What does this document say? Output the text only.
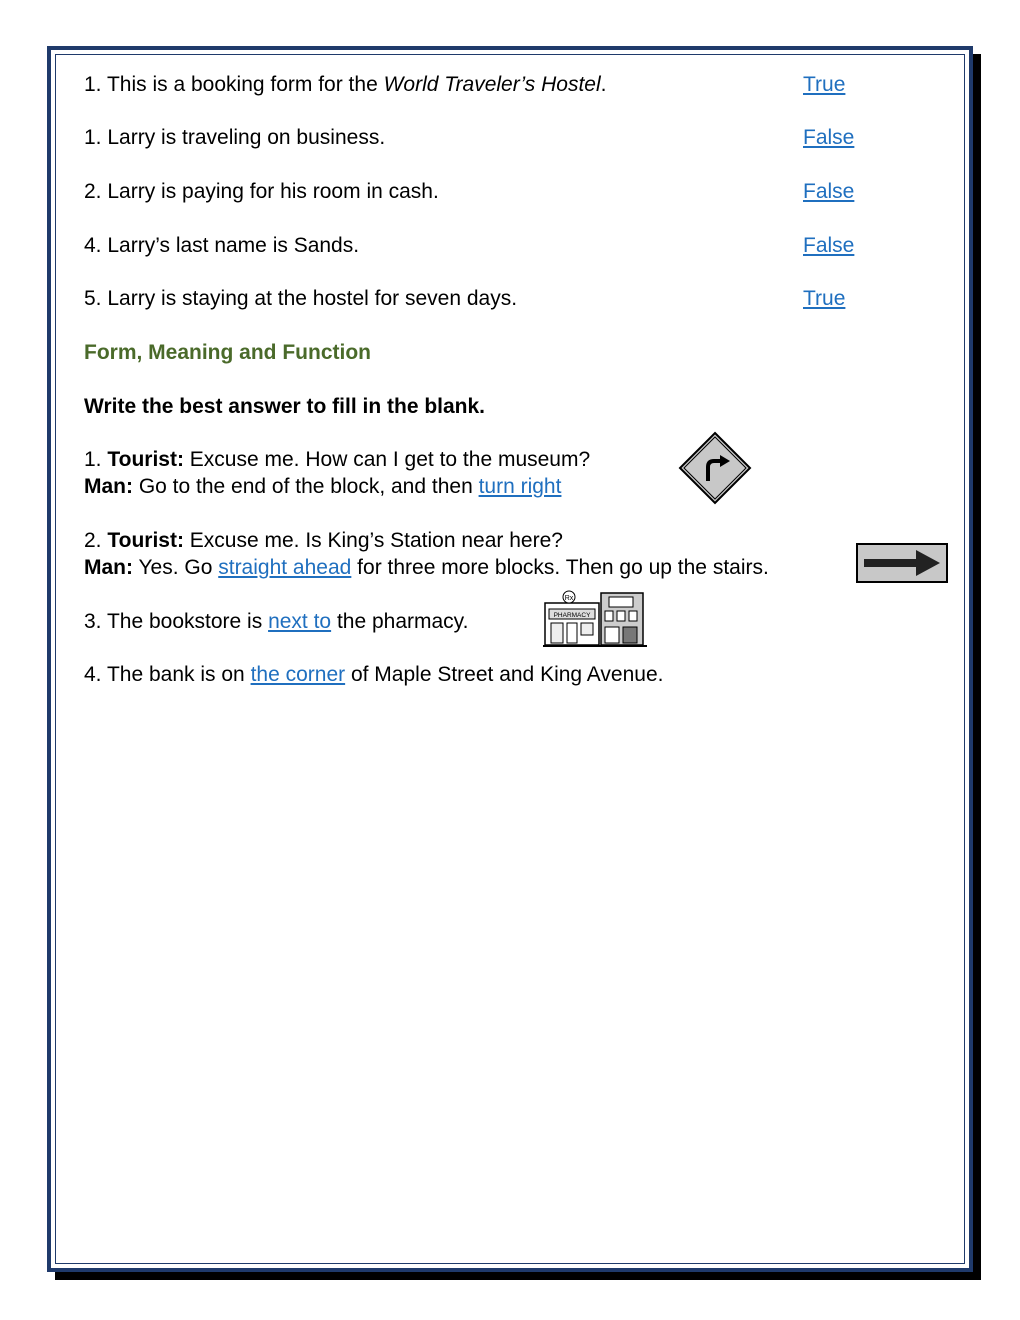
1. This is a booking form for the World Traveler’s Hostel.	True
1. Larry is traveling on business.	False
2. Larry is paying for his room in cash.	False
4. Larry’s last name is Sands.	False
5. Larry is staying at the hostel for seven days.	True
Form, Meaning and Function
Write the best answer to fill in the blank.
1. Tourist: Excuse me. How can I get to the museum?
Man: Go to the end of the block, and then turn right
2. Tourist: Excuse me. Is King’s Station near here?
Man: Yes. Go straight ahead for three more blocks. Then go up the stairs.
3. The bookstore is next to the pharmacy.	PHARMACY
Rx
4. The bank is on the corner of Maple Street and King Avenue.
